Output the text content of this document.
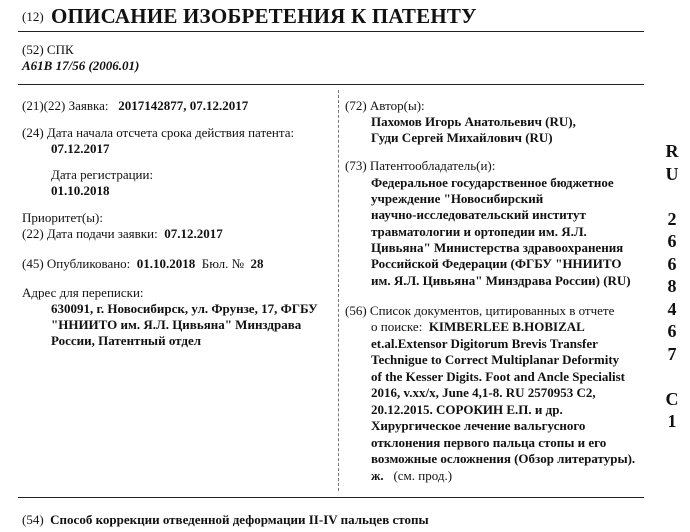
(12) ОПИСАНИЕ ИЗОБРЕТЕНИЯ К ПАТЕНТУ
(52) СПК
A61B 17/56 (2006.01)
(21)(22) Заявка: 2017142877, 07.12.2017
(24) Дата начала отсчета срока действия патента:
07.12.2017
Дата регистрации:
01.10.2018
Приоритет(ы):
(22) Дата подачи заявки: 07.12.2017
(45) Опубликовано: 01.10.2018 Бюл. № 28
Адрес для переписки:
630091, г. Новосибирск, ул. Фрунзе, 17, ФГБУ
"ННИИТО им. Я.Л. Цивьяна" Минздрава
России, Патентный отдел
(72) Автор(ы):
Пахомов Игорь Анатольевич (RU),
Гуди Сергей Михайлович (RU)
(73) Патентообладатель(и):
Федеральное государственное бюджетное
учреждение "Новосибирский
научно-исследовательский институт
травматологии и ортопедии им. Я.Л.
Цивьяна" Министерства здравоохранения
Российской Федерации (ФГБУ "ННИИТО
им. Я.Л. Цивьяна" Минздрава России) (RU)
(56) Список документов, цитированных в отчете
о поиске: KIMBERLEE B.HOBIZAL
et.al.Extensor Digitorum Brevis Transfer
Technigue to Correct Multiplanar Deformity
of the Kesser Digits. Foot and Ancle Specialist
2016, v.xx/x, June 4,1-8. RU 2570953 C2,
20.12.2015. СОРОКИН Е.П. и др.
Хирургическое лечение вальгусного
отклонения первого пальца стопы и его
возможные осложнения (Обзор литературы).
ж. (см. прод.)
(54) Способ коррекции отведенной деформации II-IV пальцев стопы
R
U
2
6
6
8
4
6
7
C
1
